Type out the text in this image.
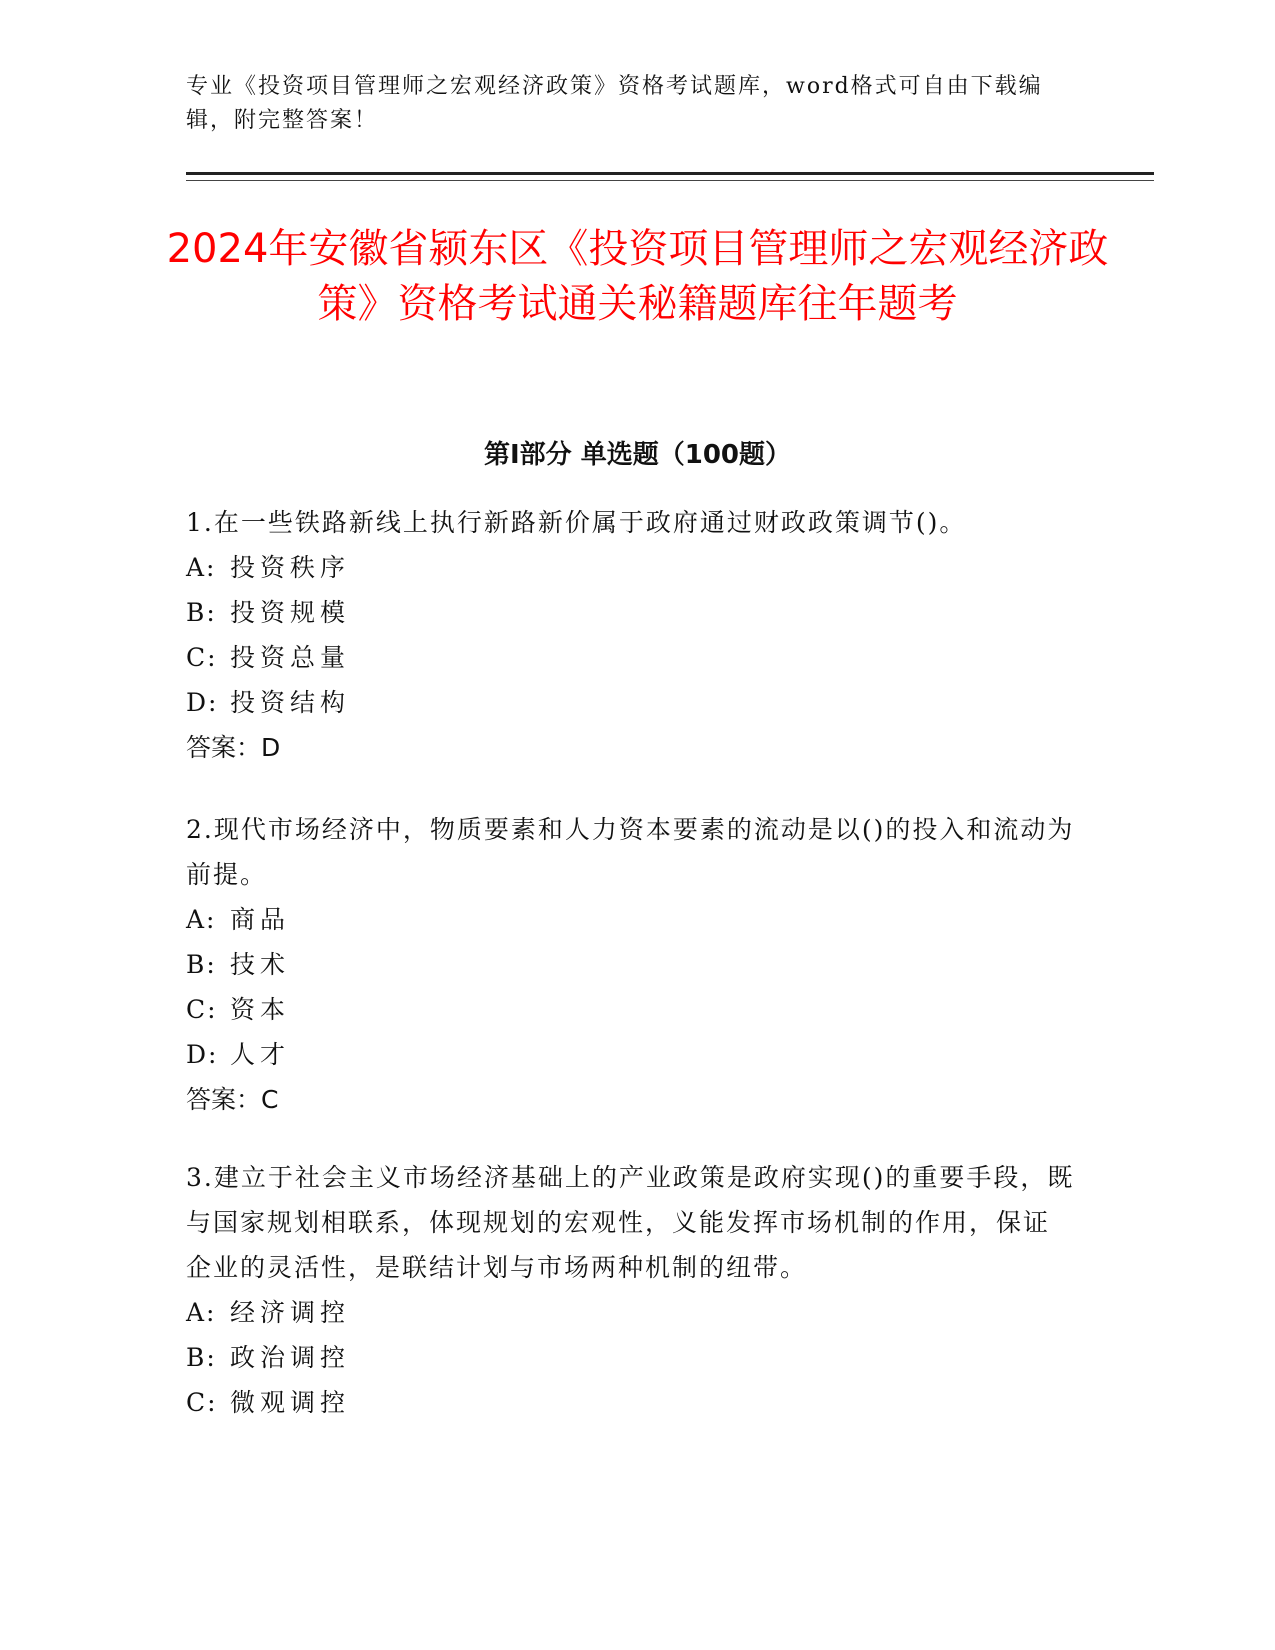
专业《投资项目管理师之宏观经济政策》资格考试题库，word格式可自由下载编辑，附完整答案！
2024年安徽省颍东区《投资项目管理师之宏观经济政策》资格考试通关秘籍题库往年题考
第Ⅰ部分 单选题（100题）

1.在一些铁路新线上执行新路新价属于政府通过财政政策调节()。

A: 投资秩序

B: 投资规模

C: 投资总量

D: 投资结构

答案：D

2.现代市场经济中，物质要素和人力资本要素的流动是以()的投入和流动为前提。

A: 商品

B: 技术

C: 资本

D: 人才

答案：C

3.建立于社会主义市场经济基础上的产业政策是政府实现()的重要手段，既与国家规划相联系，体现规划的宏观性，义能发挥市场机制的作用，保证企业的灵活性，是联结计划与市场两种机制的纽带。

A: 经济调控

B: 政治调控

C: 微观调控
